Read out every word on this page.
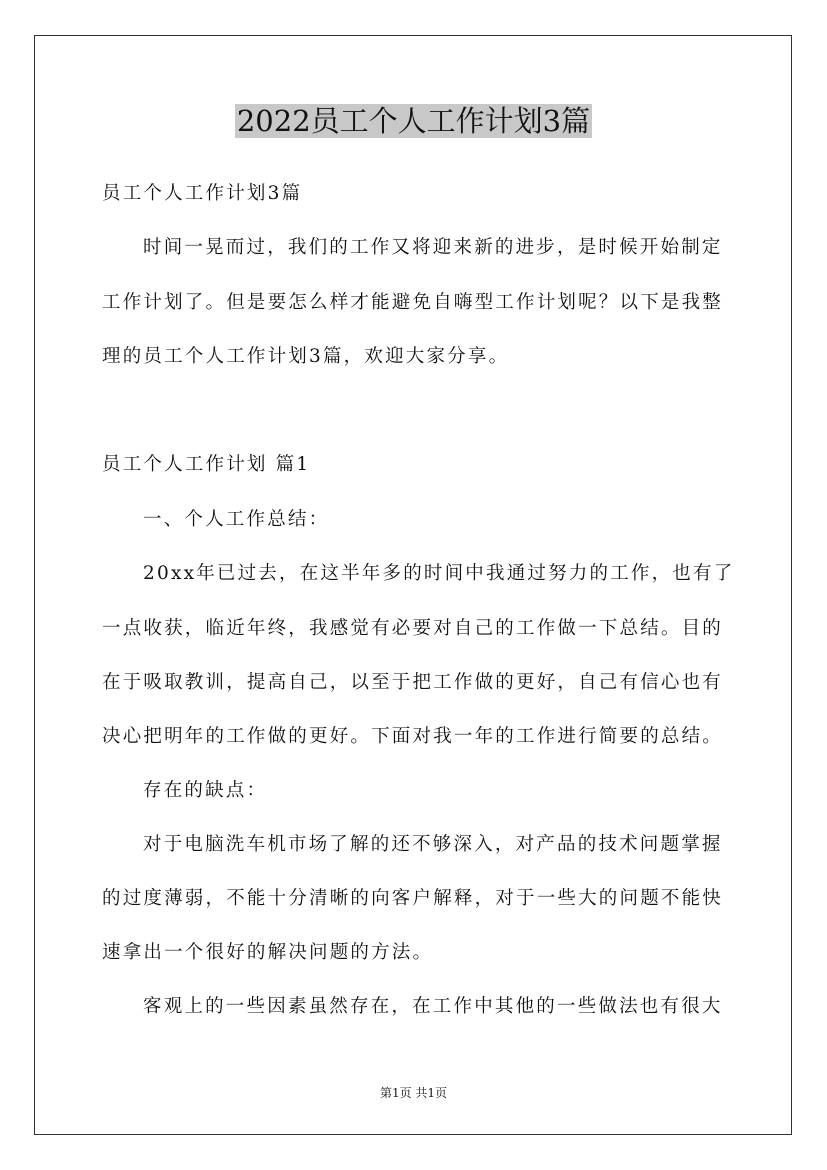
2022员工个人工作计划3篇
员工个人工作计划3篇
时间一晃而过，我们的工作又将迎来新的进步，是时候开始制定
工作计划了。但是要怎么样才能避免自嗨型工作计划呢？以下是我整
理的员工个人工作计划3篇，欢迎大家分享。
员工个人工作计划 篇1
一、个人工作总结：
20xx年已过去，在这半年多的时间中我通过努力的工作，也有了
一点收获，临近年终，我感觉有必要对自己的工作做一下总结。目的
在于吸取教训，提高自己，以至于把工作做的更好，自己有信心也有
决心把明年的工作做的更好。下面对我一年的工作进行简要的总结。
存在的缺点：
对于电脑洗车机市场了解的还不够深入，对产品的技术问题掌握
的过度薄弱，不能十分清晰的向客户解释，对于一些大的问题不能快
速拿出一个很好的解决问题的方法。
客观上的一些因素虽然存在，在工作中其他的一些做法也有很大
第1页 共1页
